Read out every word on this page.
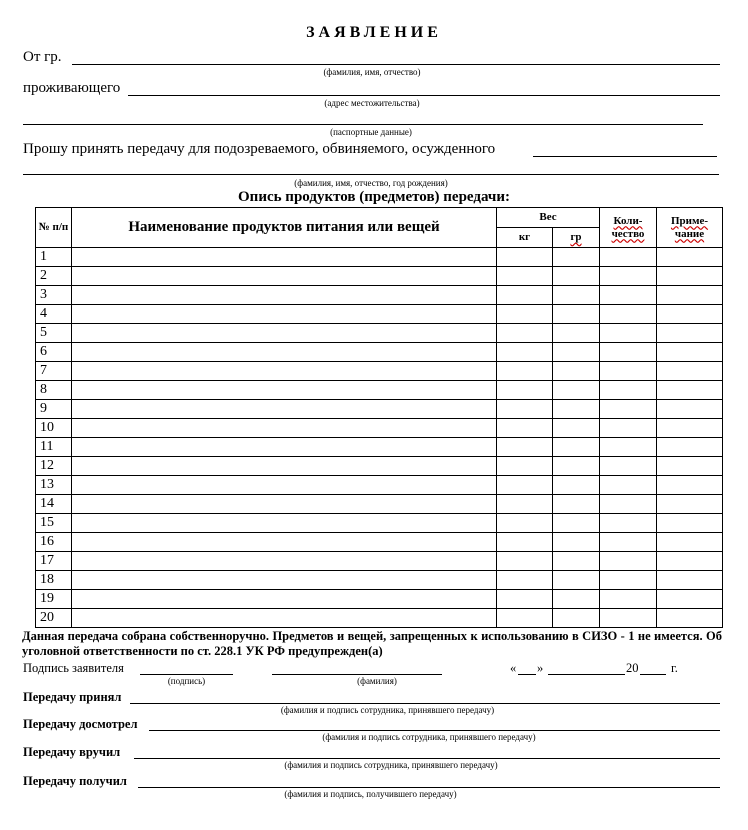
ЗАЯВЛЕНИЕ
От гр.
(фамилия, имя, отчество)
проживающего
(адрес местожительства)
(паспортные данные)
Прошу принять передачу для подозреваемого, обвиняемого, осужденного
(фамилия, имя, отчество, год рождения)
Опись продуктов (предметов) передачи:
№ п/п	Наименование продуктов питания или вещей	Вес		Коли-чество	Приме-чание
		кг	гр		
1					
2					
3					
4					
5					
6					
7					
8					
9					
10					
11					
12					
13					
14					
15					
16					
17					
18					
19					
20					
Данная передача собрана собственноручно. Предметов и вещей, запрещенных к использованию в СИЗО - 1 не имеется. Об уголовной ответственности по ст. 228.1 УК РФ предупрежден(а)
Подпись заявителя
(подпись)	(фамилия)
« »	20	г.
Передачу принял
(фамилия и подпись сотрудника, принявшего передачу)
Передачу досмотрел
(фамилия и подпись сотрудника, принявшего передачу)
Передачу вручил
(фамилия и подпись сотрудника, принявшего передачу)
Передачу получил
(фамилия и подпись, получившего передачу)
